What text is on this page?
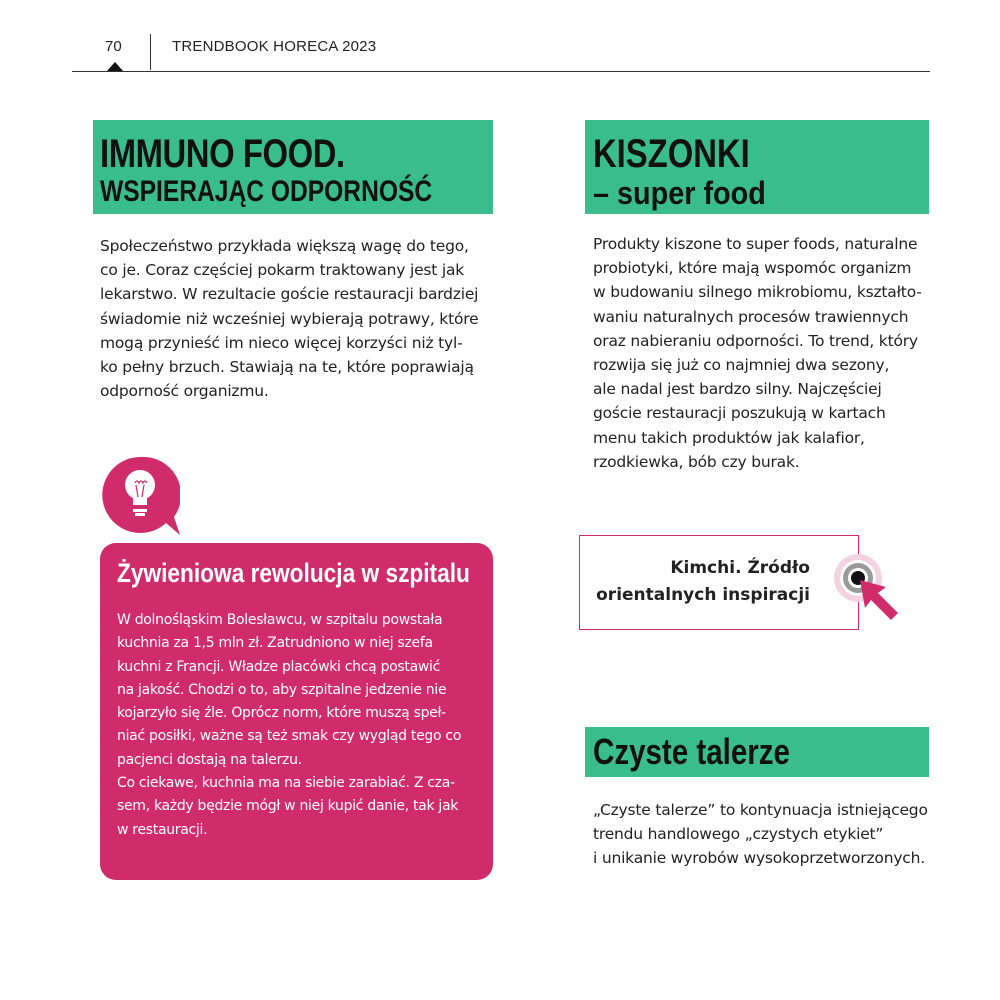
70	TRENDBOOK HORECA 2023
IMMUNO FOOD.
WSPIERAJĄC ODPORNOŚĆ
Społeczeństwo przykłada większą wagę do tego,
co je. Coraz częściej pokarm traktowany jest jak
lekarstwo. W rezultacie goście restauracji bardziej
świadomie niż wcześniej wybierają potrawy, które
mogą przynieść im nieco więcej korzyści niż tyl-
ko pełny brzuch. Stawiają na te, które poprawiają
odporność organizmu.
Żywieniowa rewolucja w szpitalu
W dolnośląskim Bolesławcu, w szpitalu powstała
kuchnia za 1,5 mln zł. Zatrudniono w niej szefa
kuchni z Francji. Władze placówki chcą postawić
na jakość. Chodzi o to, aby szpitalne jedzenie nie
kojarzyło się źle. Oprócz norm, które muszą speł-
niać posiłki, ważne są też smak czy wygląd tego co
pacjenci dostają na talerzu.
Co ciekawe, kuchnia ma na siebie zarabiać. Z cza-
sem, każdy będzie mógł w niej kupić danie, tak jak
w restauracji.
KISZONKI
– super food
Produkty kiszone to super foods, naturalne
probiotyki, które mają wspomóc organizm
w budowaniu silnego mikrobiomu, kształto-
waniu naturalnych procesów trawiennych
oraz nabieraniu odporności. To trend, który
rozwija się już co najmniej dwa sezony,
ale nadal jest bardzo silny. Najczęściej
goście restauracji poszukują w kartach
menu takich produktów jak kalafior,
rzodkiewka, bób czy burak.
Kimchi. Źródło
orientalnych inspiracji
Czyste talerze
„Czyste talerze” to kontynuacja istniejącego
trendu handlowego „czystych etykiet”
i unikanie wyrobów wysokoprzetworzonych.
